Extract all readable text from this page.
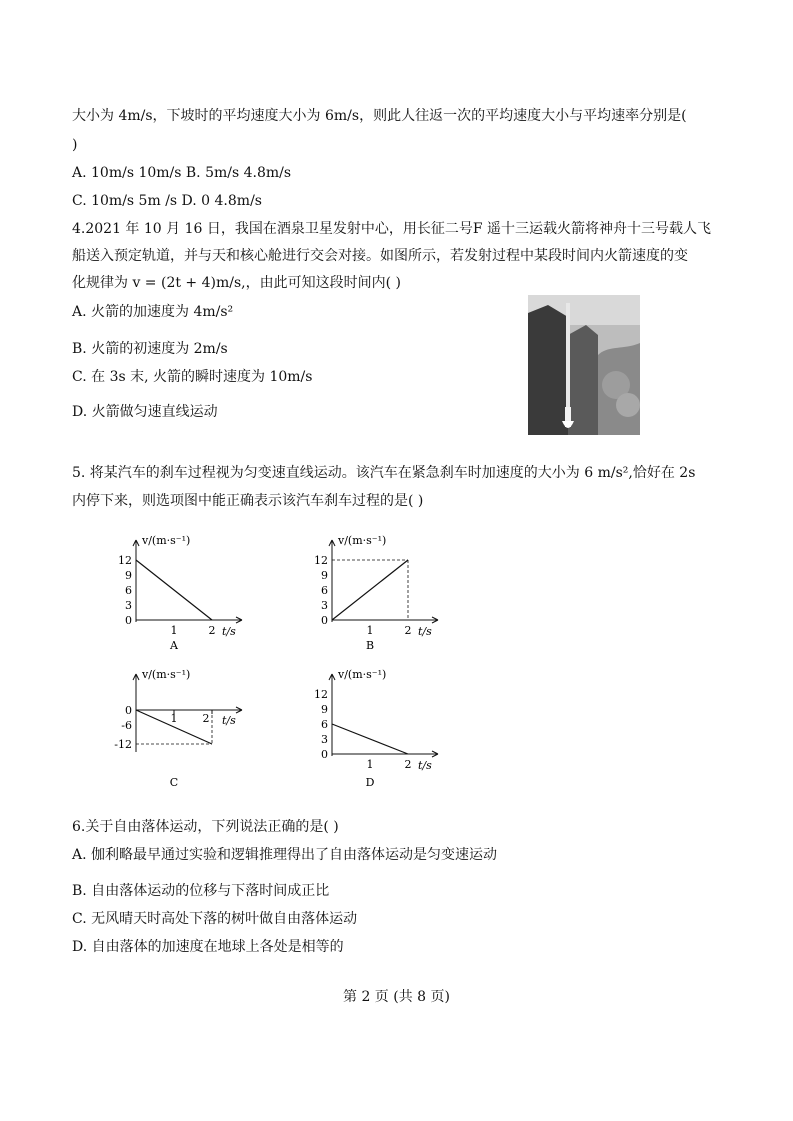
大小为 4m/s，下坡时的平均速度大小为 6m/s，则此人往返一次的平均速度大小与平均速率分别是(
)
A. 10m/s 10m/s B. 5m/s 4.8m/s
C. 10m/s 5m /s D. 0 4.8m/s
4.2021 年 10 月 16 日，我国在酒泉卫星发射中心，用长征二号F 遥十三运载火箭将神舟十三号载人飞
船送入预定轨道，并与天和核心舱进行交会对接。如图所示，若发射过程中某段时间内火箭速度的变
化规律为 v = (2t + 4)m/s,，由此可知这段时间内( )
A. 火箭的加速度为 4m/s²
B. 火箭的初速度为 2m/s
C. 在 3s 末, 火箭的瞬时速度为 10m/s
D. 火箭做匀速直线运动
5. 将某汽车的刹车过程视为匀变速直线运动。该汽车在紧急刹车时加速度的大小为 6 m/s²,恰好在 2s
内停下来，则选项图中能正确表示该汽车刹车过程的是( )
v/(m·s⁻¹)
0
3
6
9
12
1	2 t/s
A
v/(m·s⁻¹)
0
3
6
9
12
1	2 t/s
B
v/(m·s⁻¹)
0
-6
-12
1 2 t/s
C
v/(m·s⁻¹)
0
3
6
9
12
1	2 t/s
D
6.关于自由落体运动，下列说法正确的是( )
A. 伽利略最早通过实验和逻辑推理得出了自由落体运动是匀变速运动
B. 自由落体运动的位移与下落时间成正比
C. 无风晴天时高处下落的树叶做自由落体运动
D. 自由落体的加速度在地球上各处是相等的
第 2 页 (共 8 页)
